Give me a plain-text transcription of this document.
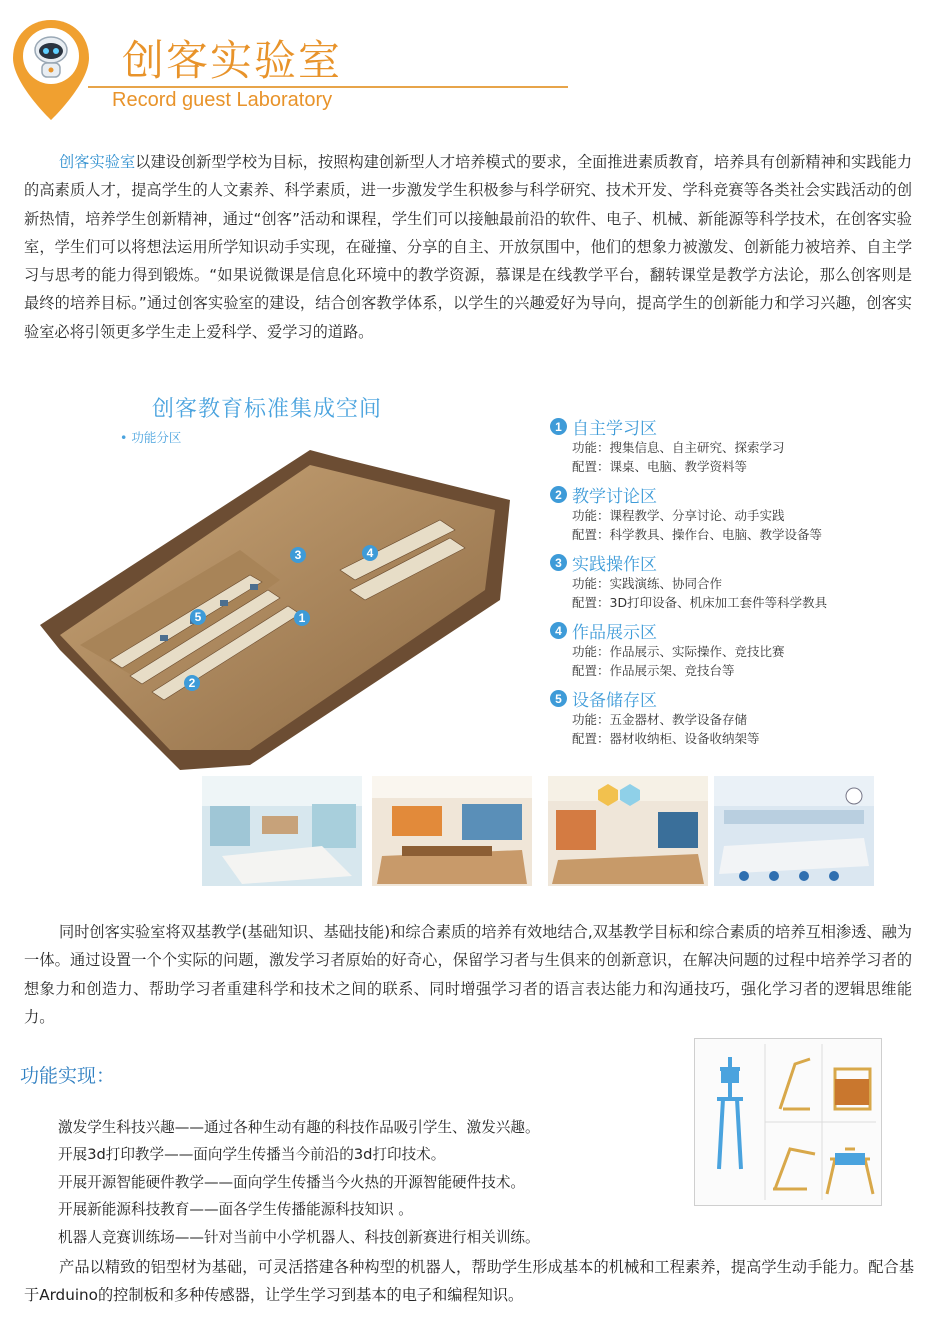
创客实验室
Record guest Laboratory
创客实验室以建设创新型学校为目标，按照构建创新型人才培养模式的要求，全面推进素质教育，培养具有创新精神和实践能力的高素质人才，提高学生的人文素养、科学素质，进一步激发学生积极参与科学研究、技术开发、学科竞赛等各类社会实践活动的创新热情，培养学生创新精神，通过“创客”活动和课程，学生们可以接触最前沿的软件、电子、机械、新能源等科学技术，在创客实验室，学生们可以将想法运用所学知识动手实现，在碰撞、分享的自主、开放氛围中，他们的想象力被激发、创新能力被培养、自主学习与思考的能力得到锻炼。“如果说微课是信息化环境中的教学资源，慕课是在线教学平台，翻转课堂是教学方法论，那么创客则是最终的培养目标。”通过创客实验室的建设，结合创客教学体系，以学生的兴趣爱好为导向，提高学生的创新能力和学习兴趣，创客实验室必将引领更多学生走上爱科学、爱学习的道路。
创客教育标准集成空间
• 功能分区
1
2
3	4
5
1 自主学习区
功能：搜集信息、自主研究、探索学习
配置：课桌、电脑、教学资料等
2 教学讨论区
功能：课程教学、分享讨论、动手实践
配置：科学教具、操作台、电脑、教学设备等
3 实践操作区
功能：实践演练、协同合作
配置：3D打印设备、机床加工套件等科学教具
4 作品展示区
功能：作品展示、实际操作、竞技比赛
配置：作品展示架、竞技台等
5 设备储存区
功能：五金器材、教学设备存储
配置：器材收纳柜、设备收纳架等
同时创客实验室将双基教学(基础知识、基础技能)和综合素质的培养有效地结合,双基教学目标和综合素质的培养互相渗透、融为一体。通过设置一个个实际的问题，激发学习者原始的好奇心，保留学习者与生俱来的创新意识，在解决问题的过程中培养学习者的想象力和创造力、帮助学习者重建科学和技术之间的联系、同时增强学习者的语言表达能力和沟通技巧，强化学习者的逻辑思维能力。
功能实现：
激发学生科技兴趣——通过各种生动有趣的科技作品吸引学生、激发兴趣。
开展3d打印教学——面向学生传播当今前沿的3d打印技术。
开展开源智能硬件教学——面向学生传播当今火热的开源智能硬件技术。
开展新能源科技教育——面各学生传播能源科技知识 。
机器人竞赛训练场——针对当前中小学机器人、科技创新赛进行相关训练。
产品以精致的铝型材为基础，可灵活搭建各种构型的机器人，帮助学生形成基本的机械和工程素养，提高学生动手能力。配合基于Arduino的控制板和多种传感器，让学生学习到基本的电子和编程知识。
